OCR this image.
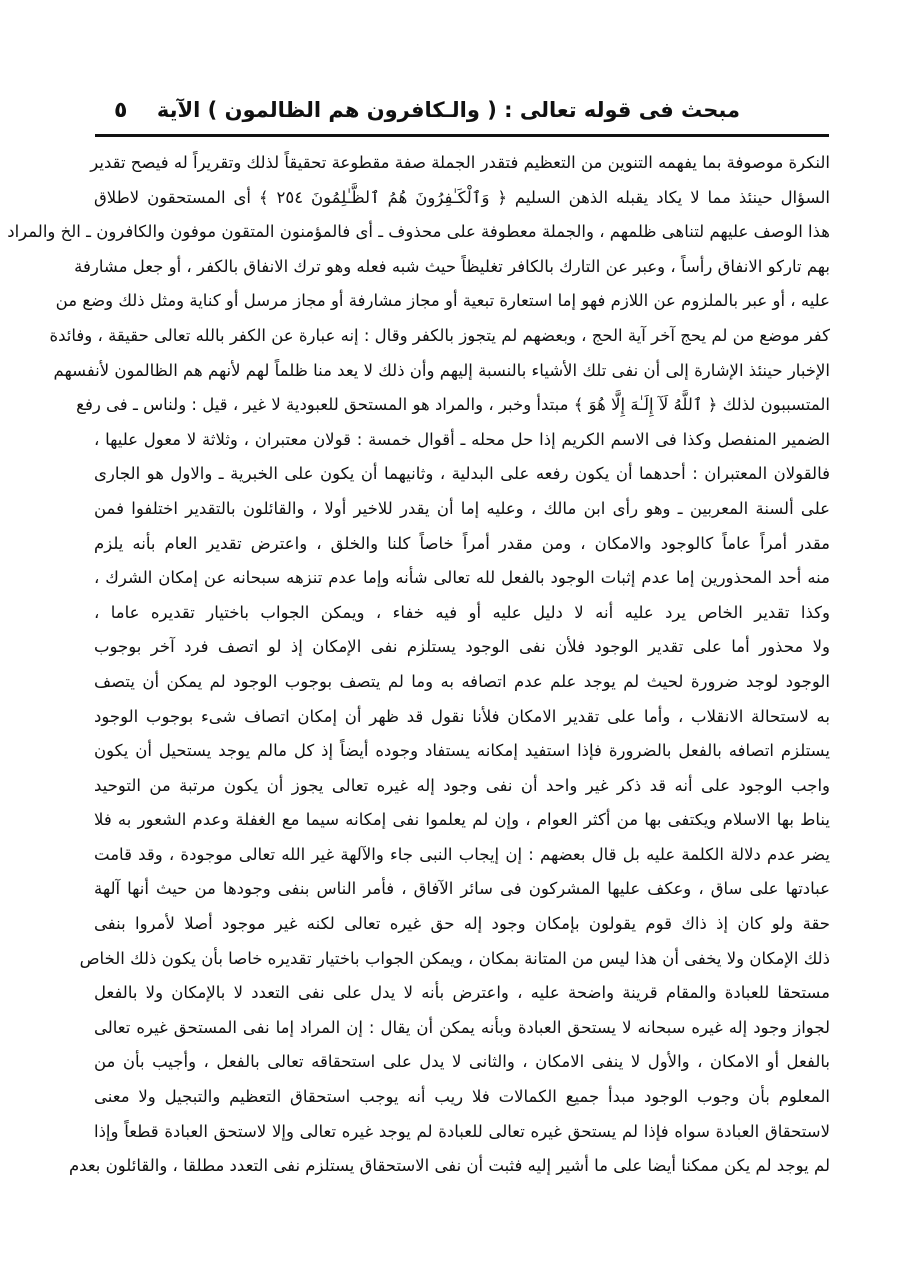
مبحث فى قوله تعالى : ( والـكافرون هم الظالمون ) الآية
٥
النكرة موصوفة بما يفهمه التنوين من التعظيم فتقدر الجملة صفة مقطوعة تحقيقاً لذلك وتقريراً له فيصح تقدير
السؤال حينئذ مما لا يكاد يقبله الذهن السليم ﴿ وَٱلْكَـٰفِرُونَ هُمُ ٱلظَّـٰلِمُونَ ٢٥٤ ﴾ أى المستحقون لاطلاق
هذا الوصف عليهم لتناهى ظلمهم ، والجملة معطوفة على محذوف ـ أى فالمؤمنون المتقون موفون والكافرون ـ الخ والمراد
بهم تاركو الانفاق رأساً ، وعبر عن التارك بالكافر تغليظاً حيث شبه فعله وهو ترك الانفاق بالكفر ، أو جعل مشارفة
عليه ، أو عبر بالملزوم عن اللازم فهو إما استعارة تبعية أو مجاز مشارفة أو مجاز مرسل أو كناية ومثل ذلك وضع من
كفر موضع من لم يحج آخر آية الحج ، وبعضهم لم يتجوز بالكفر وقال : إنه عبارة عن الكفر بالله تعالى حقيقة ، وفائدة
الإخبار حينئذ الإشارة إلى أن نفى تلك الأشياء بالنسبة إليهم وأن ذلك لا يعد منا ظلماً لهم لأنهم هم الظالمون لأنفسهم
المتسببون لذلك ﴿ ٱللَّهُ لَآ إِلَـٰهَ إِلَّا هُوَ ﴾ مبتدأ وخبر ، والمراد هو المستحق للعبودية لا غير ، قيل : ولناس ـ فى رفع
الضمير المنفصل وكذا فى الاسم الكريم إذا حل محله ـ أقوال خمسة : قولان معتبران ، وثلاثة لا معول عليها ،
فالقولان المعتبران : أحدهما أن يكون رفعه على البدلية ، وثانيهما أن يكون على الخبرية ـ والاول هو الجارى
على ألسنة المعربين ـ وهو رأى ابن مالك ، وعليه إما أن يقدر للاخير أولا ، والقائلون بالتقدير اختلفوا فمن
مقدر أمراً عاماً كالوجود والامكان ، ومن مقدر أمراً خاصاً كلنا والخلق ، واعترض تقدير العام بأنه يلزم
منه أحد المحذورين إما عدم إثبات الوجود بالفعل لله تعالى شأنه وإما عدم تنزهه سبحانه عن إمكان الشرك ،
وكذا تقدير الخاص يرد عليه أنه لا دليل عليه أو فيه خفاء ، ويمكن الجواب باختيار تقديره عاما ،
ولا محذور أما على تقدير الوجود فلأن نفى الوجود يستلزم نفى الإمكان إذ لو اتصف فرد آخر بوجوب
الوجود لوجد ضرورة لحيث لم يوجد علم عدم اتصافه به وما لم يتصف بوجوب الوجود لم يمكن أن يتصف
به لاستحالة الانقلاب ، وأما على تقدير الامكان فلأنا نقول قد ظهر أن إمكان اتصاف شىء بوجوب الوجود
يستلزم اتصافه بالفعل بالضرورة فإذا استفيد إمكانه يستفاد وجوده أيضاً إذ كل مالم يوجد يستحيل أن يكون
واجب الوجود على أنه قد ذكر غير واحد أن نفى وجود إله غيره تعالى يجوز أن يكون مرتبة من التوحيد
يناط بها الاسلام ويكتفى بها من أكثر العوام ، وإن لم يعلموا نفى إمكانه سيما مع الغفلة وعدم الشعور به فلا
يضر عدم دلالة الكلمة عليه بل قال بعضهم : إن إيجاب النبى جاء والآلهة غير الله تعالى موجودة ، وقد قامت
عبادتها على ساق ، وعكف عليها المشركون فى سائر الآفاق ، فأمر الناس بنفى وجودها من حيث أنها آلهة
حقة ولو كان إذ ذاك قوم يقولون بإمكان وجود إله حق غيره تعالى لكنه غير موجود أصلا لأمروا بنفى
ذلك الإمكان ولا يخفى أن هذا ليس من المتانة بمكان ، ويمكن الجواب باختيار تقديره خاصا بأن يكون ذلك الخاص
مستحقا للعبادة والمقام قرينة واضحة عليه ، واعترض بأنه لا يدل على نفى التعدد لا بالإمكان ولا بالفعل
لجواز وجود إله غيره سبحانه لا يستحق العبادة وبأنه يمكن أن يقال : إن المراد إما نفى المستحق غيره تعالى
بالفعل أو الامكان ، والأول لا ينفى الامكان ، والثانى لا يدل على استحقاقه تعالى بالفعل ، وأجيب بأن من
المعلوم بأن وجوب الوجود مبدأ جميع الكمالات فلا ريب أنه يوجب استحقاق التعظيم والتبجيل ولا معنى
لاستحقاق العبادة سواه فإذا لم يستحق غيره تعالى للعبادة لم يوجد غيره تعالى وإلا لاستحق العبادة قطعاً وإذا
لم يوجد لم يكن ممكنا أيضا على ما أشير إليه فثبت أن نفى الاستحقاق يستلزم نفى التعدد مطلقا ، والقائلون بعدم
